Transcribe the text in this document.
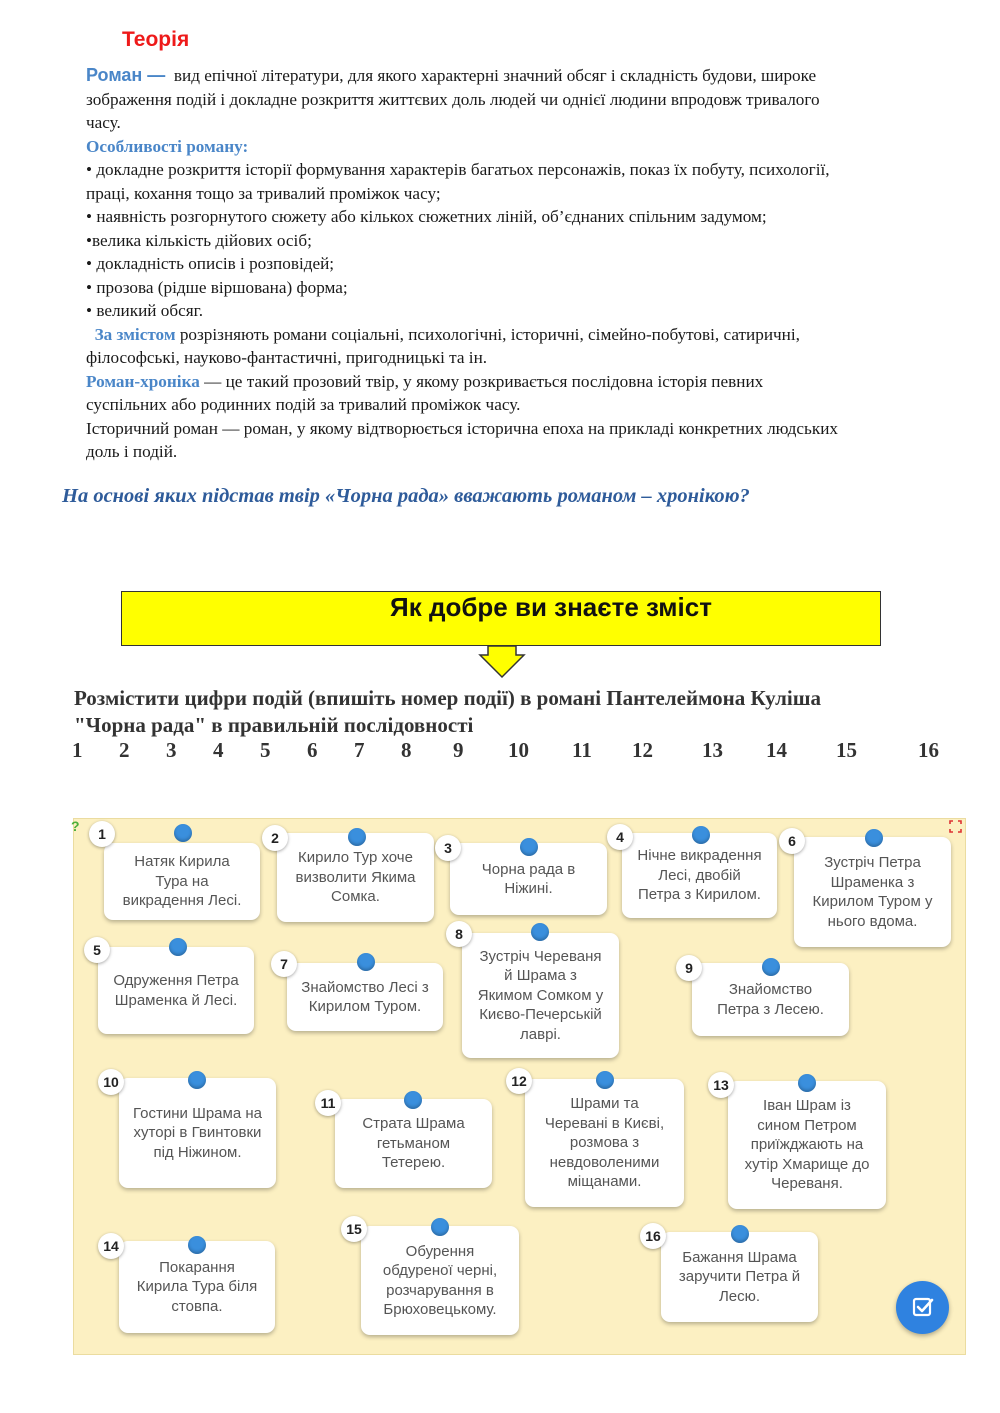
Теорія
Роман — вид епічної літератури, для якого характерні значний обсяг і складність будови, широке
зображення подій і докладне розкриття життєвих доль людей чи однієї людини впродовж тривалого
часу.
Особливості роману:
• докладне розкриття історії формування характерів багатьох персонажів, показ їх побуту, психології,
праці, кохання тощо за тривалий проміжок часу;
• наявність розгорнутого сюжету або кількох сюжетних ліній, об’єднаних спільним задумом;
•велика кількість дійових осіб;
• докладність описів і розповідей;
• прозова (рідше віршована) форма;
• великий обсяг.
За змістом розрізняють романи соціальні, психологічні, історичні, сімейно-побутові, сатиричні,
філософські, науково-фантастичні, пригодницькі та ін.
Роман-хроніка — це такий прозовий твір, у якому розкривається послідовна історія певних
суспільних або родинних подій за тривалий проміжок часу.
Історичний роман — роман, у якому відтворюється історична епоха на прикладі конкретних людських
доль і подій.
На основі яких підстав твір «Чорна рада» вважають романом – хронікою?
Як добре ви знаєте зміст
Розмістити цифри подій (впишіть номер події) в романі Пантелеймона Куліша
"Чорна рада" в правильній послідовності
1 2 3 4 5 6 7 8 9 10 11 12 13 14 15	16
?
Натяк Кирила Тура на викрадення Лесі.
Кирило Тур хоче визволити Якима Сомка.
Чорна рада в Ніжині.
Нічне викрадення Лесі, двобій Петра з Кирилом.
Зустріч Петра Шраменка з Кирилом Туром у нього вдома.
Одруження Петра Шраменка й Лесі.
Знайомство Лесі з Кирилом Туром.
Зустріч Череваня й Шрама з Якимом Сомком у Києво-Печерській лаврі.
Знайомство Петра з Лесею.
Гостини Шрама на хуторі в Гвинтовки під Ніжином.
Страта Шрама гетьманом Тетерею.
Шрами та Черевані в Києві, розмова з невдоволеними міщанами.
Іван Шрам із сином Петром приїжджають на хутір Хмарище до Череваня.
Покарання Кирила Тура біля стовпа.
Обурення обдуреної черні, розчарування в Брюховецькому.
Бажання Шрама заручити Петра й Лесю.
1	2
3
4	6
5
7
8
9
10
11
12	13
14
15	16
